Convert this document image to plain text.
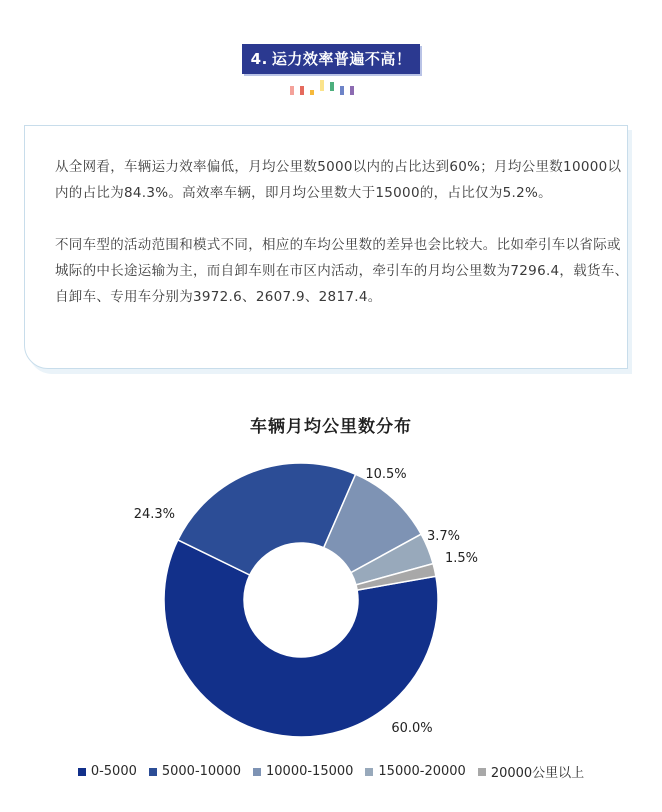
4. 运力效率普遍不高！

从全网看，车辆运力效率偏低，月均公里数5000以内的占比达到60%；月均公里数10000以内的占比为84.3%。高效率车辆，即月均公里数大于15000的，占比仅为5.2%。

不同车型的活动范围和模式不同，相应的车均公里数的差异也会比较大。比如牵引车以省际或城际的中长途运输为主，而自卸车则在市区内活动，牵引车的月均公里数为7296.4，载货车、自卸车、专用车分别为3972.6、2607.9、2817.4。

车辆月均公里数分布
60.0%
24.3%
10.5%
3.7%
1.5%
0-5000 5000-10000 10000-15000 15000-20000 20000公里以上
